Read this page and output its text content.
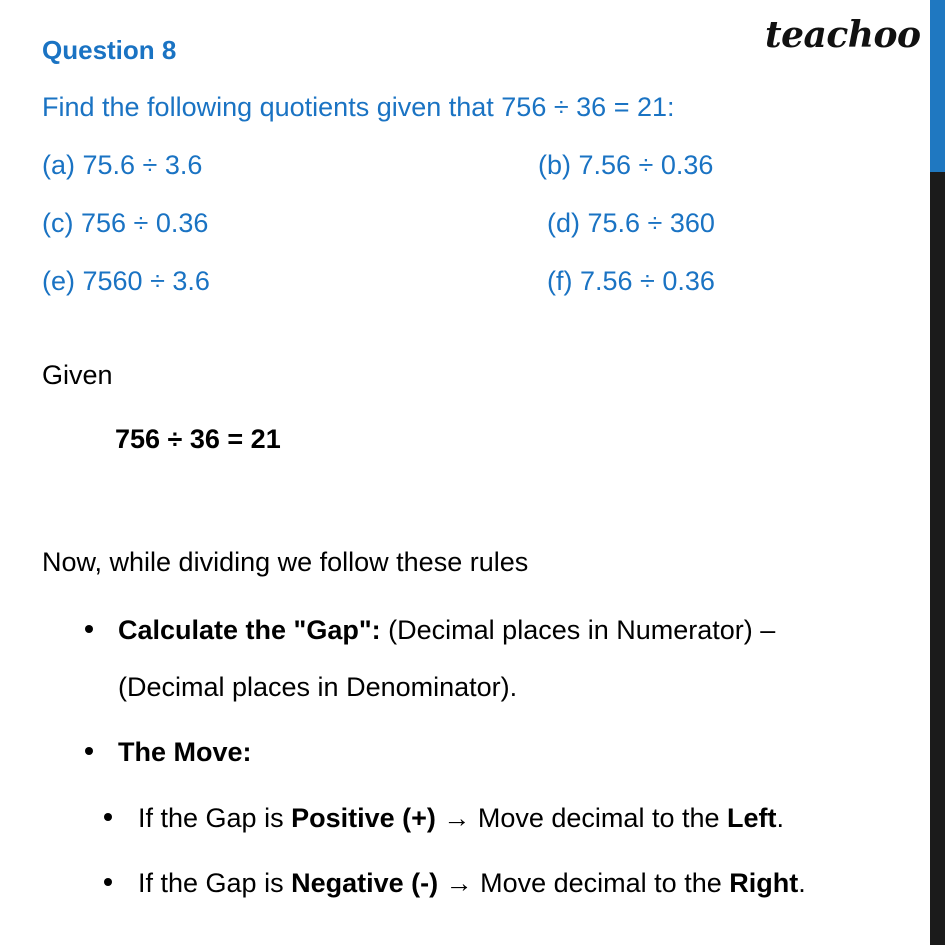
teachoo
Question 8
Find the following quotients given that 756 ÷ 36 = 21:
(a) 75.6 ÷ 3.6	(b) 7.56 ÷ 0.36
(c) 756 ÷ 0.36	(d) 75.6 ÷ 360
(e) 7560 ÷ 3.6	(f) 7.56 ÷ 0.36
Given
756 ÷ 36 = 21
Now, while dividing we follow these rules
Calculate the "Gap": (Decimal places in Numerator) –
(Decimal places in Denominator).
The Move:
If the Gap is Positive (+) → Move decimal to the Left.
If the Gap is Negative (-) → Move decimal to the Right.
